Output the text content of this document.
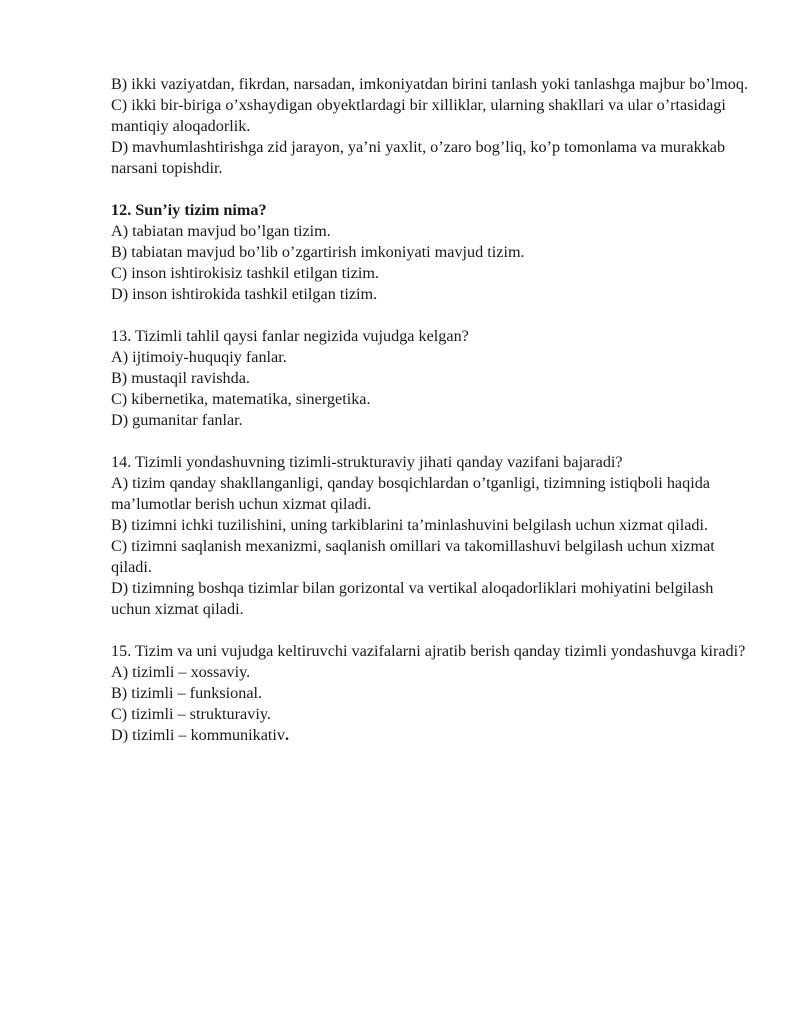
B) ikki vaziyatdan, fikrdan, narsadan, imkoniyatdan birini tanlash yoki tanlashga majbur bo’lmoq.
C) ikki bir-biriga o’xshaydigan obyektlardagi bir xilliklar, ularning shakllari va ular o’rtasidagi mantiqiy aloqadorlik.
D) mavhumlashtirishga zid jarayon, ya’ni yaxlit, o’zaro bog’liq, ko’p tomonlama va murakkab narsani topishdir.
12. Sun’iy tizim nima?
A) tabiatan mavjud bo’lgan tizim.
B) tabiatan mavjud bo’lib o’zgartirish imkoniyati mavjud tizim.
C) inson ishtirokisiz tashkil etilgan tizim.
D) inson ishtirokida tashkil etilgan tizim.
13. Tizimli tahlil qaysi fanlar negizida vujudga kelgan?
A) ijtimoiy-huquqiy fanlar.
B) mustaqil ravishda.
C) kibernetika, matematika, sinergetika.
D) gumanitar fanlar.
14. Tizimli yondashuvning tizimli-strukturaviy jihati qanday vazifani bajaradi?
A) tizim qanday shakllanganligi, qanday bosqichlardan o’tganligi, tizimning istiqboli haqida ma’lumotlar berish uchun xizmat qiladi.
B) tizimni ichki tuzilishini, uning tarkiblarini ta’minlashuvini belgilash uchun xizmat qiladi.
C) tizimni saqlanish mexanizmi, saqlanish omillari va takomillashuvi belgilash uchun xizmat qiladi.
D) tizimning boshqa tizimlar bilan gorizontal va vertikal aloqadorliklari mohiyatini belgilash uchun xizmat qiladi.
15. Tizim va uni vujudga keltiruvchi vazifalarni ajratib berish qanday tizimli yondashuvga kiradi?
A) tizimli – xossaviy.
B) tizimli – funksional.
C) tizimli – strukturaviy.
D) tizimli – kommunikativ.
